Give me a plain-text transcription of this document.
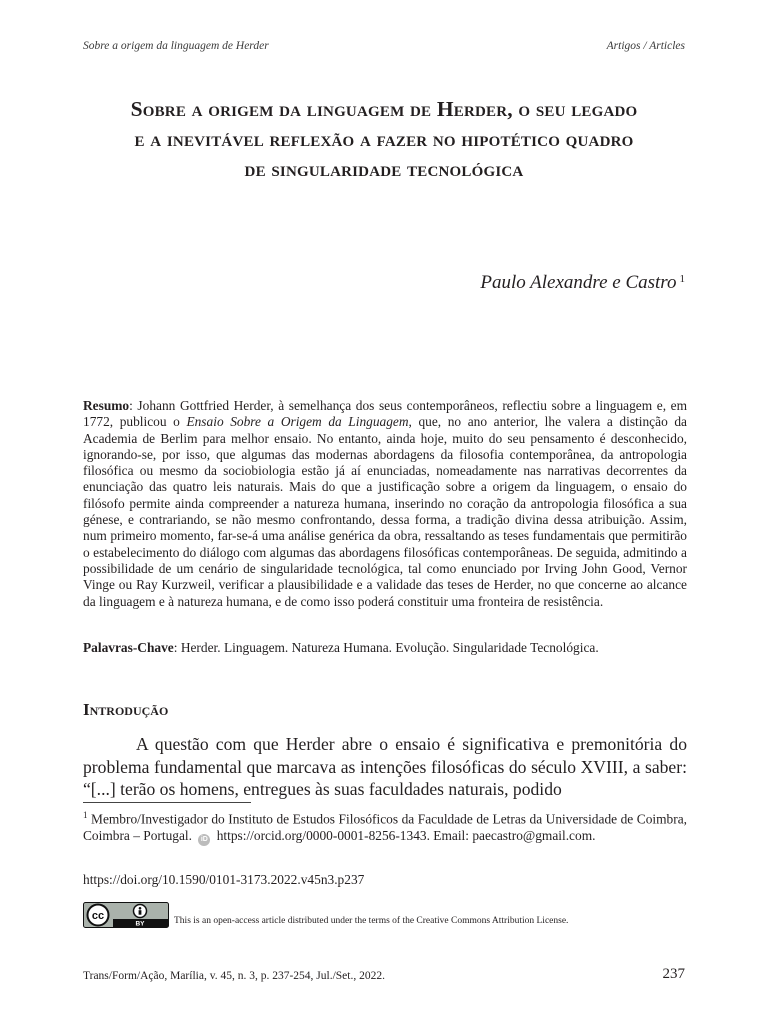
Sobre a origem da linguagem de Herder	Artigos / Articles
Sobre a origem da linguagem de Herder, o seu legado
e a inevitável reflexão a fazer no hipotético quadro
de singularidade tecnológica
Paulo Alexandre e Castro $^1$
Resumo: Johann Gottfried Herder, à semelhança dos seus contemporâneos, reflectiu sobre a linguagem e, em 1772, publicou o Ensaio Sobre a Origem da Linguagem, que, no ano anterior, lhe valera a distinção da Academia de Berlim para melhor ensaio. No entanto, ainda hoje, muito do seu pensamento é desconhecido, ignorando-se, por isso, que algumas das modernas abordagens da filosofia contemporânea, da antropologia filosófica ou mesmo da sociobiologia estão já aí enunciadas, nomeadamente nas narrativas decorrentes da enunciação das quatro leis naturais. Mais do que a justificação sobre a origem da linguagem, o ensaio do filósofo permite ainda compreender a natureza humana, inserindo no coração da antropologia filosófica a sua génese, e contrariando, se não mesmo confrontando, dessa forma, a tradição divina dessa atribuição. Assim, num primeiro momento, far-se-á uma análise genérica da obra, ressaltando as teses fundamentais que permitirão o estabelecimento do diálogo com algumas das abordagens filosóficas contemporâneas. De seguida, admitindo a possibilidade de um cenário de singularidade tecnológica, tal como enunciado por Irving John Good, Vernor Vinge ou Ray Kurzweil, verificar a plausibilidade e a validade das teses de Herder, no que concerne ao alcance da linguagem e à natureza humana, e de como isso poderá constituir uma fronteira de resistência.
Palavras-Chave: Herder. Linguagem. Natureza Humana. Evolução. Singularidade Tecnológica.
Introdução
A questão com que Herder abre o ensaio é significativa e premonitória do problema fundamental que marcava as intenções filosóficas do século XVIII, a saber: “[...] terão os homens, entregues às suas faculdades naturais, podido
$^1$ Membro/Investigador do Instituto de Estudos Filosóficos da Faculdade de Letras da Universidade de Coimbra, Coimbra – Portugal. iD https://orcid.org/0000-0001-8256-1343. Email: paecastro@gmail.com.
https://doi.org/10.1590/0101-3173.2022.v45n3.p237
cc
BY	This is an open-access article distributed under the terms of the Creative Commons Attribution License.
Trans/Form/Ação, Marília, v. 45, n. 3, p. 237-254, Jul./Set., 2022.	237
